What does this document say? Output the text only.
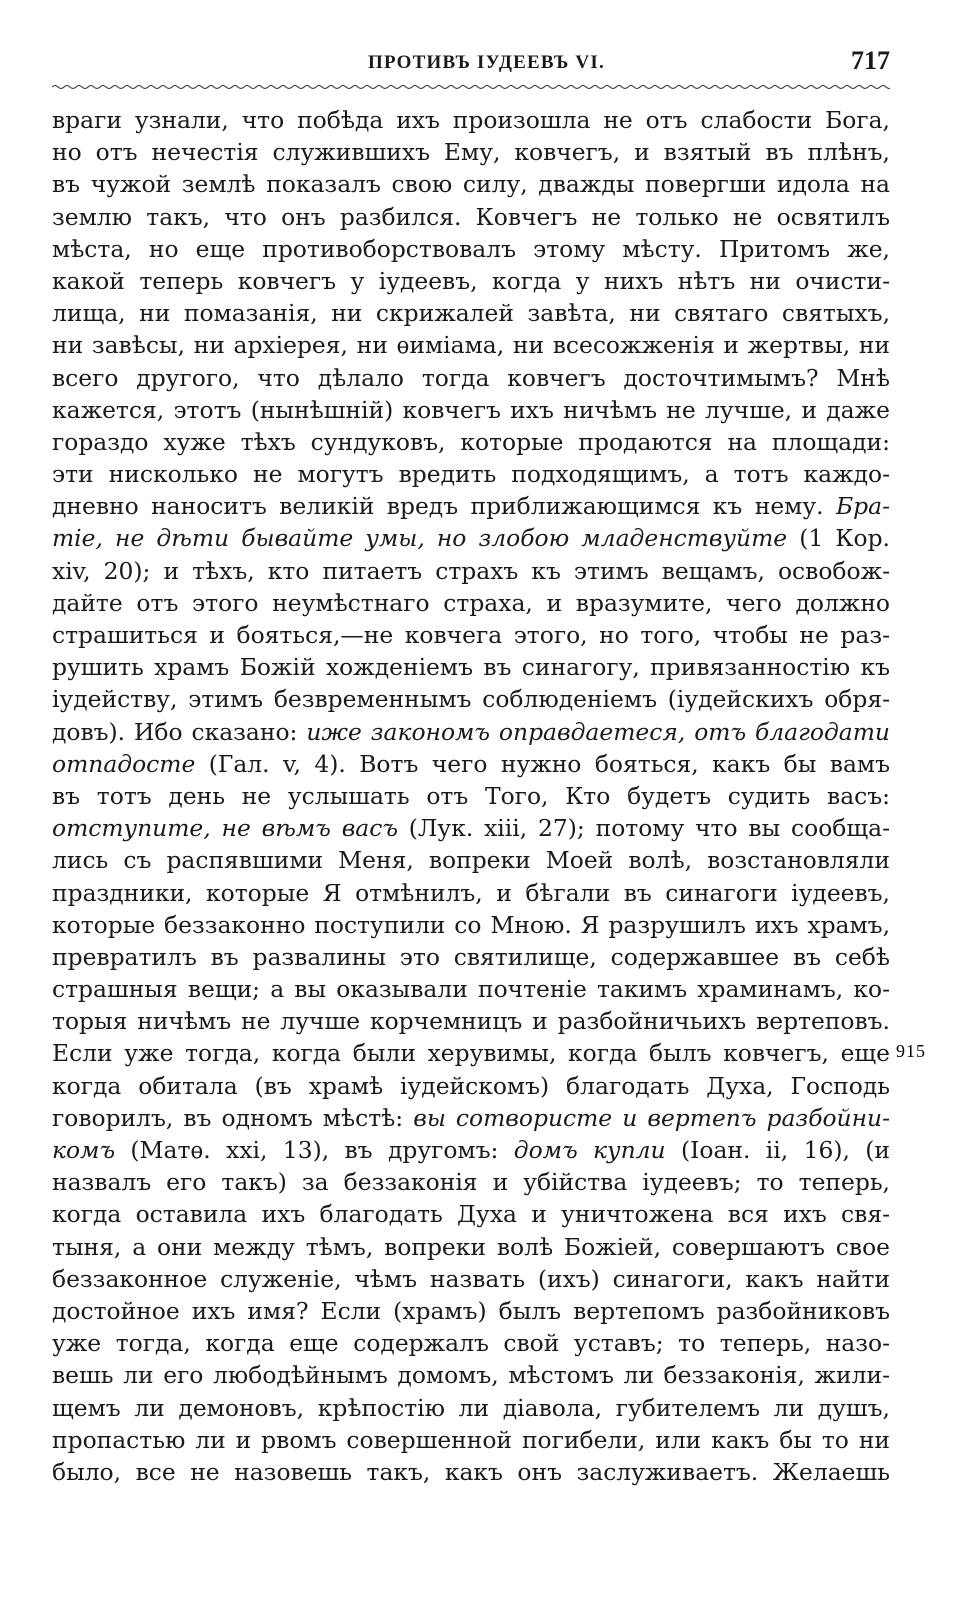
ПРОТИВЪ ІУДЕЕВЪ VI.	717
враги узнали, что побѣда ихъ произошла не отъ слабости Бога,
но отъ нечестія служившихъ Ему, ковчегъ, и взятый въ плѣнъ,
въ чужой землѣ показалъ свою силу, дважды повергши идола на
землю такъ, что онъ разбился. Ковчегъ не только не освятилъ
мѣста, но еще противоборствовалъ этому мѣсту. Притомъ же,
какой теперь ковчегъ у іудеевъ, когда у нихъ нѣтъ ни очисти-
лища, ни помазанія, ни скрижалей завѣта, ни святаго святыхъ,
ни завѣсы, ни архіерея, ни ѳиміама, ни всесожженія и жертвы, ни
всего другого, что дѣлало тогда ковчегъ досточтимымъ? Мнѣ
кажется, этотъ (нынѣшній) ковчегъ ихъ ничѣмъ не лучше, и даже
гораздо хуже тѣхъ сундуковъ, которые продаются на площади:
эти нисколько не могутъ вредить подходящимъ, а тотъ каждо-
дневно наноситъ великій вредъ приближающимся къ нему. Бра-
тіе, не дѣти бывайте умы, но злобою младенствуйте (1 Кор.
xiv, 20); и тѣхъ, кто питаетъ страхъ къ этимъ вещамъ, освобож-
дайте отъ этого неумѣстнаго страха, и вразумите, чего должно
страшиться и бояться,—не ковчега этого, но того, чтобы не раз-
рушить храмъ Божій хожденіемъ въ синагогу, привязанностію къ
іудейству, этимъ безвременнымъ соблюденіемъ (іудейскихъ обря-
довъ). Ибо сказано: иже закономъ оправдаетеся, отъ благодати
отпадосте (Гал. v, 4). Вотъ чего нужно бояться, какъ бы вамъ
въ тотъ день не услышать отъ Того, Кто будетъ судить васъ:
отступите, не вѣмъ васъ (Лук. xiii, 27); потому что вы сообща-
лись съ распявшими Меня, вопреки Моей волѣ, возстановляли
праздники, которые Я отмѣнилъ, и бѣгали въ синагоги іудеевъ,
которые беззаконно поступили со Мною. Я разрушилъ ихъ храмъ,
превратилъ въ развалины это святилище, содержавшее въ себѣ
страшныя вещи; а вы оказывали почтеніе такимъ храминамъ, ко-
торыя ничѣмъ не лучше корчемницъ и разбойничьихъ вертеповъ.
Если уже тогда, когда были херувимы, когда былъ ковчегъ, еще
когда обитала (въ храмѣ іудейскомъ) благодать Духа, Господь
говорилъ, въ одномъ мѣстѣ: вы сотвористе и вертепъ разбойни-
комъ (Матѳ. xxi, 13), въ другомъ: домъ купли (Іоан. ii, 16), (и
назвалъ его такъ) за беззаконія и убійства іудеевъ; то теперь,
когда оставила ихъ благодать Духа и уничтожена вся ихъ свя-
тыня, а они между тѣмъ, вопреки волѣ Божіей, совершаютъ свое
беззаконное служеніе, чѣмъ назвать (ихъ) синагоги, какъ найти
достойное ихъ имя? Если (храмъ) былъ вертепомъ разбойниковъ
уже тогда, когда еще содержалъ свой уставъ; то теперь, назо-
вешь ли его любодѣйнымъ домомъ, мѣстомъ ли беззаконія, жили-
щемъ ли демоновъ, крѣпостію ли діавола, губителемъ ли душъ,
пропастью ли и рвомъ совершенной погибели, или какъ бы то ни
было, все не назовешь такъ, какъ онъ заслуживаетъ. Желаешь
915
